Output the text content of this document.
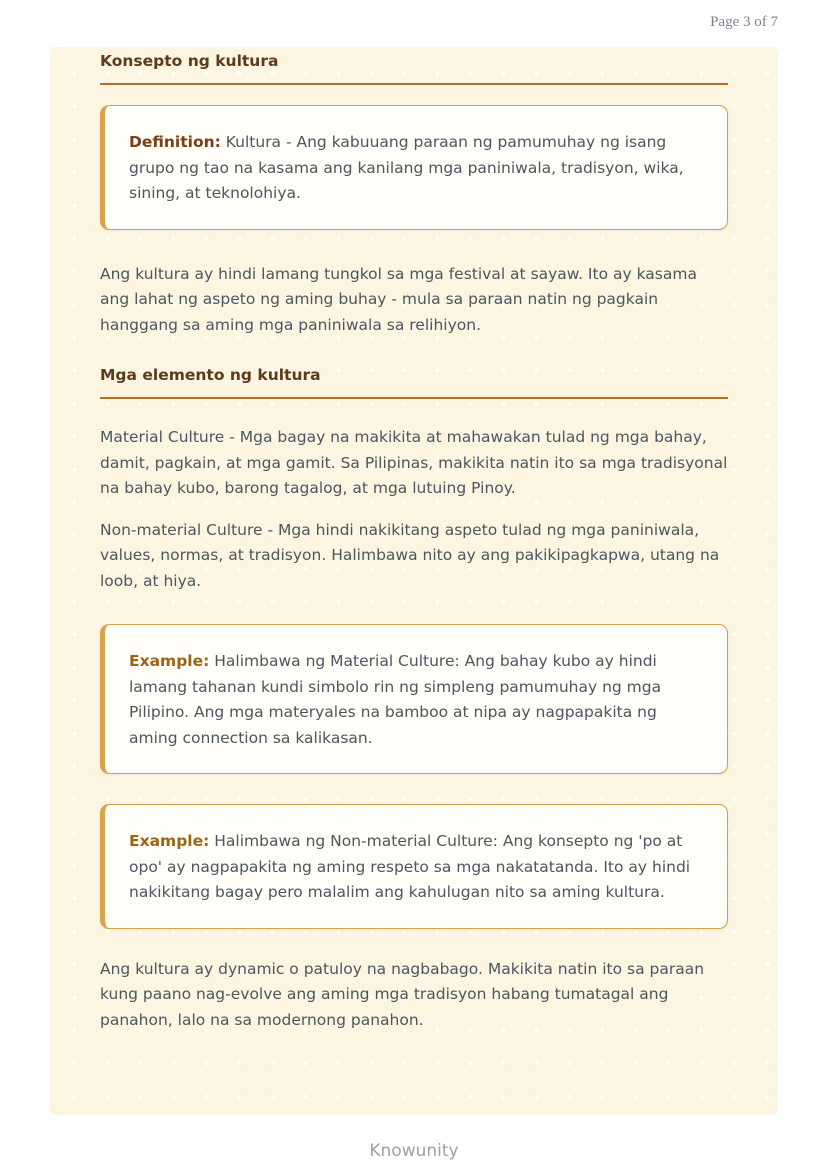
Page 3 of 7
Konsepto ng kultura
Definition: Kultura - Ang kabuuang paraan ng pamumuhay ng isang grupo ng tao na kasama ang kanilang mga paniniwala, tradisyon, wika, sining, at teknolohiya.

Ang kultura ay hindi lamang tungkol sa mga festival at sayaw. Ito ay kasama ang lahat ng aspeto ng aming buhay - mula sa paraan natin ng pagkain hanggang sa aming mga paniniwala sa relihiyon.

Mga elemento ng kultura

Material Culture - Mga bagay na makikita at mahawakan tulad ng mga bahay, damit, pagkain, at mga gamit. Sa Pilipinas, makikita natin ito sa mga tradisyonal na bahay kubo, barong tagalog, at mga lutuing Pinoy.

Non-material Culture - Mga hindi nakikitang aspeto tulad ng mga paniniwala, values, normas, at tradisyon. Halimbawa nito ay ang pakikipagkapwa, utang na loob, at hiya.

Example: Halimbawa ng Material Culture: Ang bahay kubo ay hindi lamang tahanan kundi simbolo rin ng simpleng pamumuhay ng mga Pilipino. Ang mga materyales na bamboo at nipa ay nagpapakita ng aming connection sa kalikasan.
Example: Halimbawa ng Non-material Culture: Ang konsepto ng 'po at opo' ay nagpapakita ng aming respeto sa mga nakatatanda. Ito ay hindi nakikitang bagay pero malalim ang kahulugan nito sa aming kultura.

Ang kultura ay dynamic o patuloy na nagbabago. Makikita natin ito sa paraan kung paano nag-evolve ang aming mga tradisyon habang tumatagal ang panahon, lalo na sa modernong panahon.

Knowunity
